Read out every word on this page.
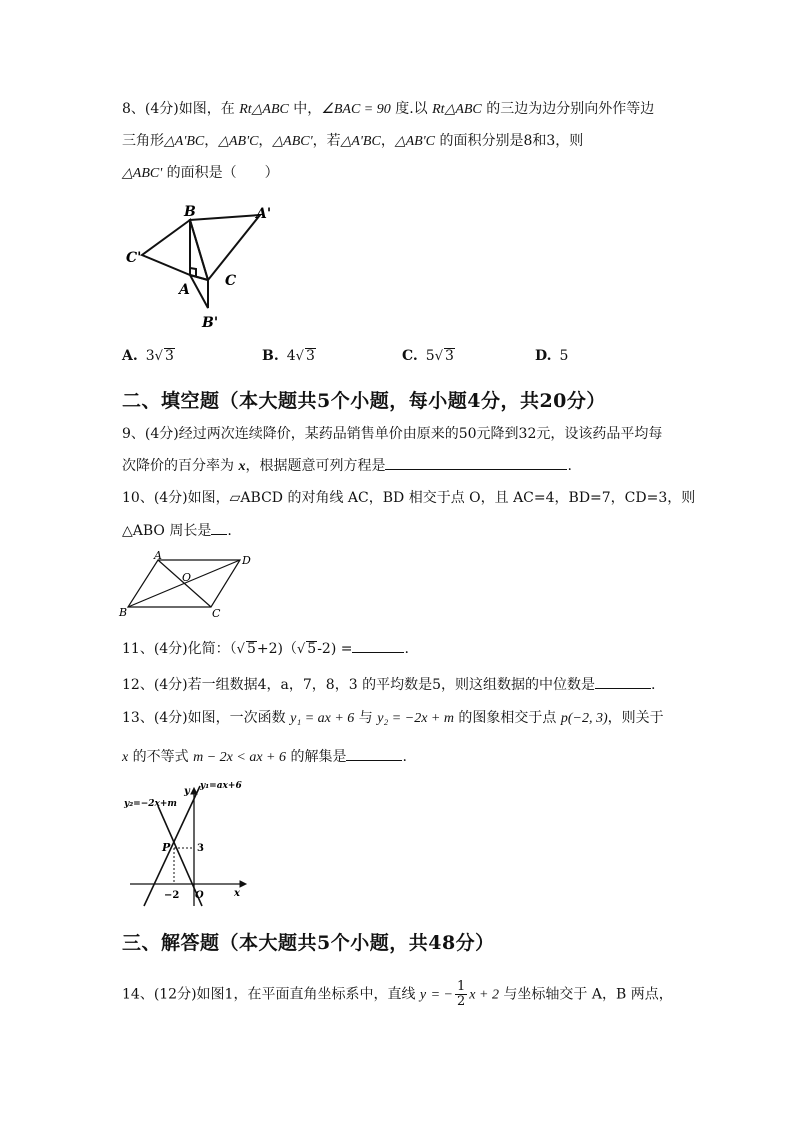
8、(4分)如图，在 Rt△ABC 中，∠BAC = 90 度.以 Rt△ABC 的三边为边分别向外作等边
三角形△A'BC，△AB'C，△ABC'，若△A'BC，△AB'C 的面积分别是8和3，则
△ABC' 的面积是（　　）
B	A'
C'
A
C
B'
A. 3√ 3	B. 4√ 3	C. 5√ 3	D. 5
二、填空题（本大题共5个小题，每小题4分，共20分）
9、(4分)经过两次连续降价，某药品销售单价由原来的50元降到32元，设该药品平均每
次降价的百分率为 x，根据题意可列方程是	.
10、(4分)如图，▱ABCD 的对角线 AC，BD 相交于点 O，且 AC=4，BD=7，CD=3，则
△ABO 周长是 .
A	D
O
B	C
11、(4分)化简：（√ 5+2)（√ 5-2) =	.
12、(4分)若一组数据4，a，7，8，3 的平均数是5，则这组数据的中位数是	.
13、(4分)如图，一次函数 y₁ = ax + 6 与 y₂ = −2x + m 的图象相交于点 p(−2, 3)，则关于
x 的不等式 m − 2x < ax + 6 的解集是	.
y₁=ax+6
y₂=−2x+m
y
x
P	3
−2 O
三、解答题（本大题共5个小题，共48分）
14、(12分)如图1，在平面直角坐标系中，直线 y = − $\frac{1}{2}$ x + 2 与坐标轴交于 A，B 两点，
